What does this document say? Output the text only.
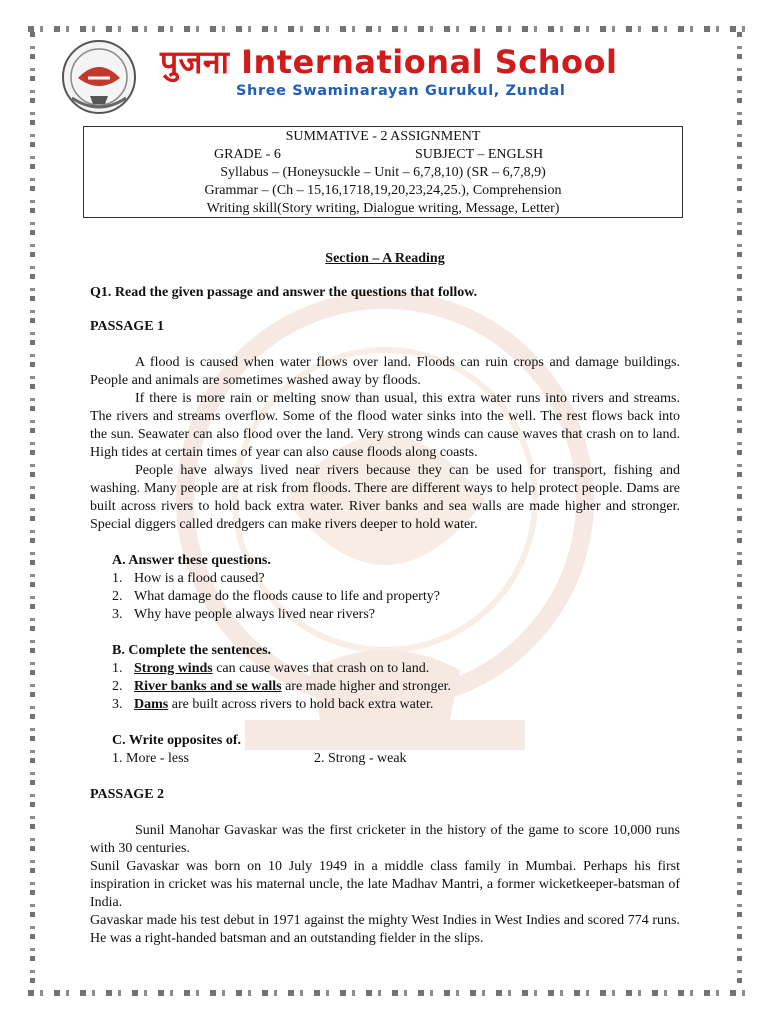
पुजना International School
Shree Swaminarayan Gurukul, Zundal
SUMMATIVE - 2 ASSIGNMENT
GRADE - 6	SUBJECT – ENGLSH
Syllabus – (Honeysuckle – Unit – 6,7,8,10) (SR – 6,7,8,9)
Grammar – (Ch – 15,16,1718,19,20,23,24,25.), Comprehension
Writing skill(Story writing, Dialogue writing, Message, Letter)
Section – A Reading
Q1. Read the given passage and answer the questions that follow.
PASSAGE 1

A flood is caused when water flows over land. Floods can ruin crops and damage buildings. People and animals are sometimes washed away by floods.

If there is more rain or melting snow than usual, this extra water runs into rivers and streams. The rivers and streams overflow. Some of the flood water sinks into the well. The rest flows back into the sun. Seawater can also flood over the land. Very strong winds can cause waves that crash on to land. High tides at certain times of year can also cause floods along coasts.

People have always lived near rivers because they can be used for transport, fishing and washing. Many people are at risk from floods. There are different ways to help protect people. Dams are built across rivers to hold back extra water. River banks and sea walls are made higher and stronger. Special diggers called dredgers can make rivers deeper to hold water.

A. Answer these questions.
1. How is a flood caused?
2. What damage do the floods cause to life and property?
3. Why have people always lived near rivers?
B. Complete the sentences.
1. Strong winds can cause waves that crash on to land.
2. River banks and se walls are made higher and stronger.
3. Dams are built across rivers to hold back extra water.
C. Write opposites of.
1. More - less	2. Strong - weak
PASSAGE 2

Sunil Manohar Gavaskar was the first cricketer in the history of the game to score 10,000 runs with 30 centuries.

Sunil Gavaskar was born on 10 July 1949 in a middle class family in Mumbai. Perhaps his first inspiration in cricket was his maternal uncle, the late Madhav Mantri, a former wicketkeeper-batsman of India.

Gavaskar made his test debut in 1971 against the mighty West Indies in West Indies and scored 774 runs. He was a right-handed batsman and an outstanding fielder in the slips.
